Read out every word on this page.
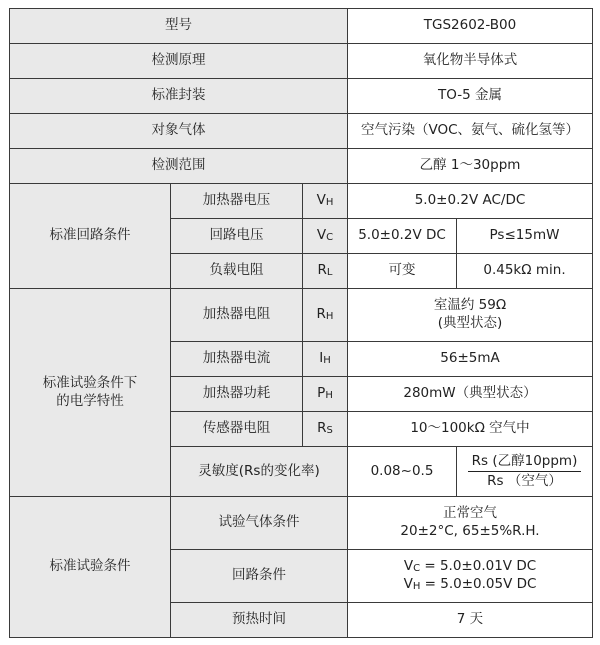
型号			TGS2602-B00	
检测原理			氧化物半导体式	
标准封装			TO-5 金属	
对象气体			空气污染（VOC、氨气、硫化氢等）	
检测范围			乙醇 1～30ppm	
标准回路条件	加热器电压	VH	5.0±0.2V AC/DC	
	回路电压	VC	5.0±0.2V DC	Ps≤15mW
	负载电阻	RL	可变	0.45kΩ min.

标准试验条件下
的电学特性	加热器电阻	RH	室温约 59Ω
(典型状态)	

	加热器电流	IH	56±5mA	
	加热器功耗	PH	280mW（典型状态）	
	传感器电阻	RS	10～100kΩ 空气中	
	灵敏度(Rs的变化率)		0.08~0.5	$\frac{\text{Rs (乙醇10ppm)}}{\text{Rs （空气）}}$

标准试验条件	试验气体条件		正常空气
20±2°C, 65±5%R.H.	

	回路条件		VC = 5.0±0.01V DC
VH = 5.0±0.05V DC	

	预热时间		7 天	
